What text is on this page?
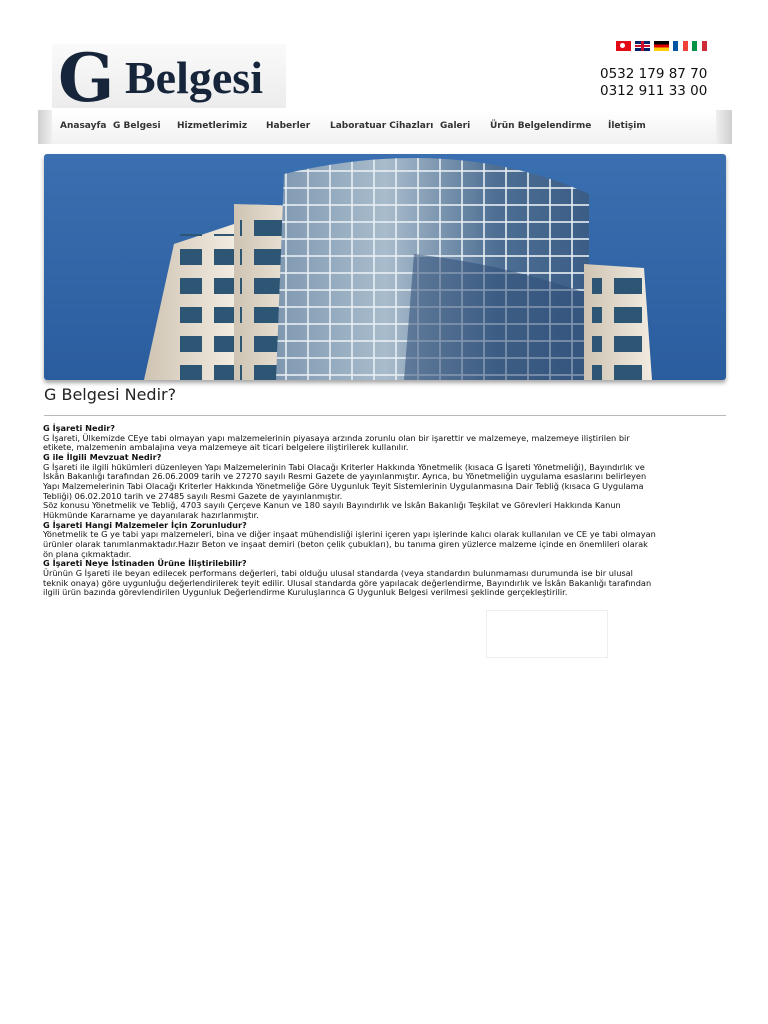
G Belgesi	0532 179 87 70
0312 911 33 00
Anasayfa G Belgesi Hizmetlerimiz Haberler Laboratuar Cihazları Galeri Ürün Belgelendirme İletişim
G Belgesi Nedir?

G İşareti Nedir?

G İşareti, Ülkemizde CEye tabi olmayan yapı malzemelerinin piyasaya arzında zorunlu olan bir işarettir ve malzemeye, malzemeye iliştirilen bir

etikete, malzemenin ambalajına veya malzemeye ait ticari belgelere iliştirilerek kullanılır.

G ile İlgili Mevzuat Nedir?

G İşareti ile ilgili hükümleri düzenleyen Yapı Malzemelerinin Tabi Olacağı Kriterler Hakkında Yönetmelik (kısaca G İşareti Yönetmeliği), Bayındırlık ve

İskân Bakanlığı tarafından 26.06.2009 tarih ve 27270 sayılı Resmi Gazete de yayınlanmıştır. Ayrıca, bu Yönetmeliğin uygulama esaslarını belirleyen

Yapı Malzemelerinin Tabi Olacağı Kriterler Hakkında Yönetmeliğe Göre Uygunluk Teyit Sistemlerinin Uygulanmasına Dair Tebliğ (kısaca G Uygulama

Tebliği) 06.02.2010 tarih ve 27485 sayılı Resmi Gazete de yayınlanmıştır.

Söz konusu Yönetmelik ve Tebliğ, 4703 sayılı Çerçeve Kanun ve 180 sayılı Bayındırlık ve İskân Bakanlığı Teşkilat ve Görevleri Hakkında Kanun

Hükmünde Kararname ye dayanılarak hazırlanmıştır.

G İşareti Hangi Malzemeler İçin Zorunludur?

Yönetmelik te G ye tabi yapı malzemeleri, bina ve diğer inşaat mühendisliği işlerini içeren yapı işlerinde kalıcı olarak kullanılan ve CE ye tabi olmayan

ürünler olarak tanımlanmaktadır.Hazır Beton ve inşaat demiri (beton çelik çubukları), bu tanıma giren yüzlerce malzeme içinde en önemlileri olarak

ön plana çıkmaktadır.

G İşareti Neye İstinaden Ürüne İliştirilebilir?

Ürünün G İşareti ile beyan edilecek performans değerleri, tabi olduğu ulusal standarda (veya standardın bulunmaması durumunda ise bir ulusal

teknik onaya) göre uygunluğu değerlendirilerek teyit edilir. Ulusal standarda göre yapılacak değerlendirme, Bayındırlık ve İskân Bakanlığı tarafından

ilgili ürün bazında görevlendirilen Uygunluk Değerlendirme Kuruluşlarınca G Uygunluk Belgesi verilmesi şeklinde gerçekleştirilir.
